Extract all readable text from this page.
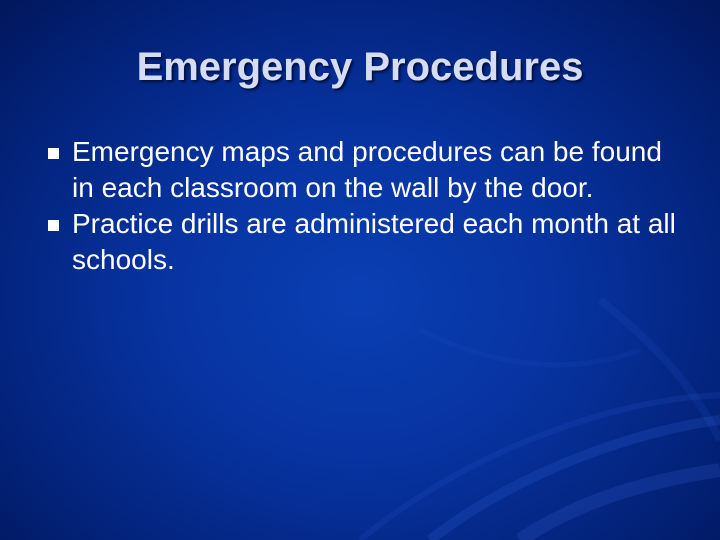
Emergency Procedures
Emergency maps and procedures can be found in each classroom on the wall by the door.
Practice drills are administered each month at all schools.
